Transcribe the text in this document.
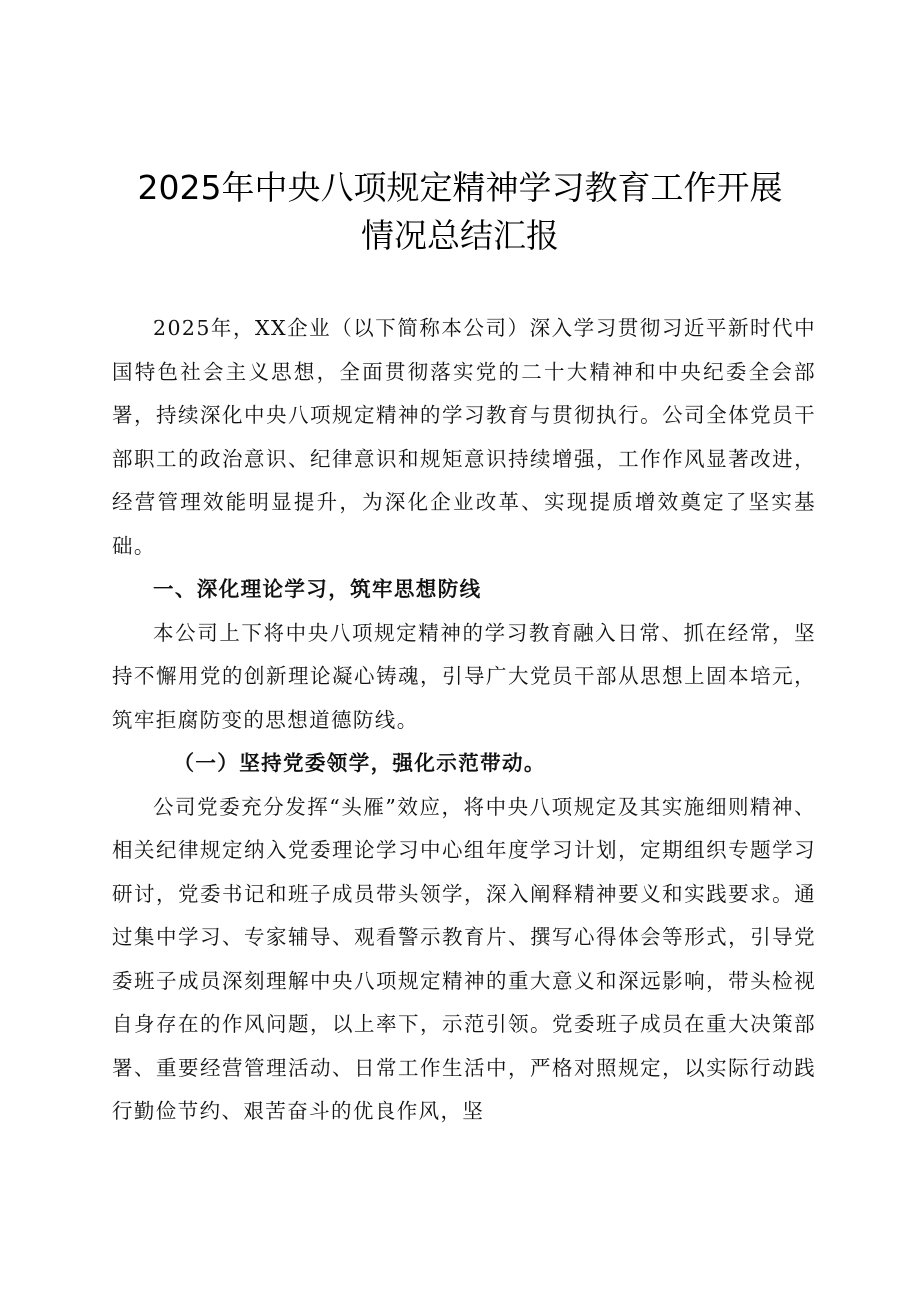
2025年中央八项规定精神学习教育工作开展
情况总结汇报

2025年，XX企业（以下简称本公司）深入学习贯彻习近平新时代中国特色社会主义思想，全面贯彻落实党的二十大精神和中央纪委全会部署，持续深化中央八项规定精神的学习教育与贯彻执行。公司全体党员干部职工的政治意识、纪律意识和规矩意识持续增强，工作作风显著改进，经营管理效能明显提升，为深化企业改革、实现提质增效奠定了坚实基础。

一、深化理论学习，筑牢思想防线

本公司上下将中央八项规定精神的学习教育融入日常、抓在经常，坚持不懈用党的创新理论凝心铸魂，引导广大党员干部从思想上固本培元，筑牢拒腐防变的思想道德防线。

（一）坚持党委领学，强化示范带动。

公司党委充分发挥“头雁”效应，将中央八项规定及其实施细则精神、相关纪律规定纳入党委理论学习中心组年度学习计划，定期组织专题学习研讨，党委书记和班子成员带头领学，深入阐释精神要义和实践要求。通过集中学习、专家辅导、观看警示教育片、撰写心得体会等形式，引导党委班子成员深刻理解中央八项规定精神的重大意义和深远影响，带头检视自身存在的作风问题，以上率下，示范引领。党委班子成员在重大决策部署、重要经营管理活动、日常工作生活中，严格对照规定，以实际行动践行勤俭节约、艰苦奋斗的优良作风，坚
